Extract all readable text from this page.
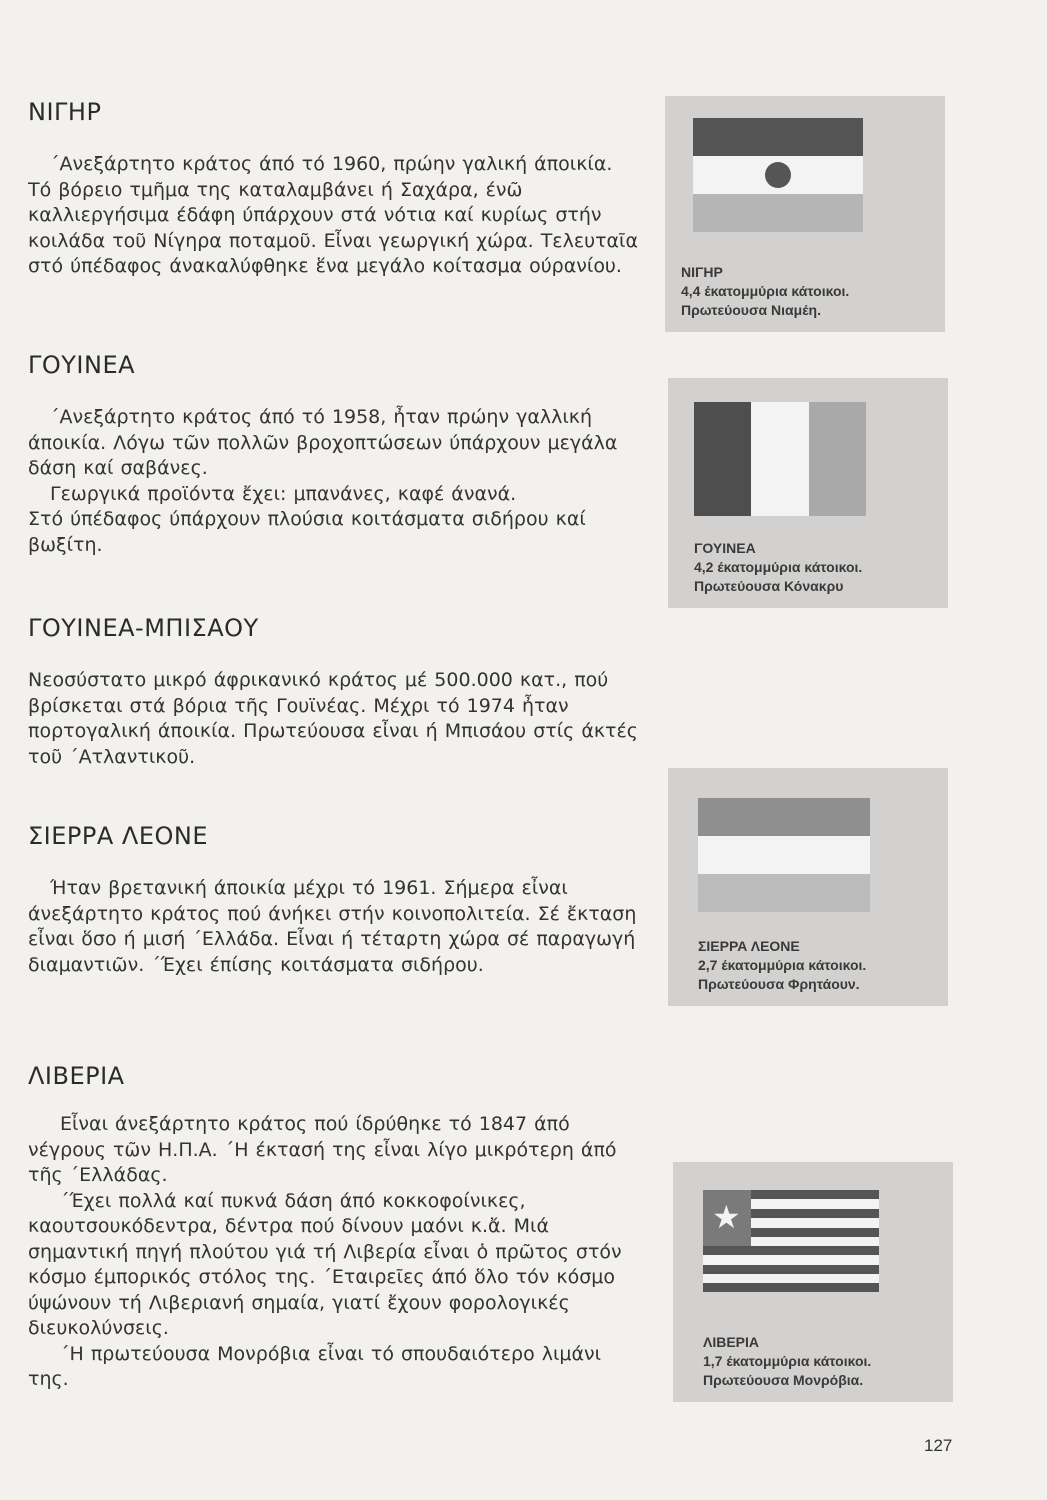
ΝΙΓΗΡ

΄Ανεξάρτητο κράτος άπό τό 1960, πρώην γαλική άποικία. Τό βόρειο τμῆμα της καταλαμβάνει ή Σαχάρα, ένῶ καλλιεργήσιμα έδάφη ύπάρχουν στά νότια καί κυρίως στήν κοιλάδα τοῦ Νίγηρα ποταμοῦ. Εἶναι γεωργική χώρα. Τελευταῖα στό ύπέδαφος άνακαλύφθηκε ἕνα μεγάλο κοίτασμα ούρανίου.

ΓΟΥΙΝΕΑ

΄Ανεξάρτητο κράτος άπό τό 1958, ἦταν πρώην γαλλική άποικία. Λόγω τῶν πολλῶν βροχοπτώσεων ύπάρχουν μεγάλα δάση καί σαβάνες.

Γεωργικά προϊόντα ἔχει: μπανάνες, καφέ άνανά.

Στό ύπέδαφος ύπάρχουν πλούσια κοιτάσματα σιδήρου καί βωξίτη.

ΓΟΥΙΝΕΑ-ΜΠΙΣΑΟΥ

Νεοσύστατο μικρό άφρικανικό κράτος μέ 500.000 κατ., πού βρίσκεται στά βόρια τῆς Γουϊνέας. Μέχρι τό 1974 ἦταν πορτογαλική άποικία. Πρωτεύουσα εἶναι ή Μπισάου στίς άκτές τοῦ ΄Ατλαντικοῦ.

ΣΙΕΡΡΑ ΛΕΟΝΕ

Ήταν βρετανική άποικία μέχρι τό 1961. Σήμερα εἶναι άνεξάρτητο κράτος πού άνήκει στήν κοινοπολιτεία. Σέ ἔκταση εἶναι ὅσο ή μισή ΄Ελλάδα. Εἶναι ή τέταρτη χώρα σέ παραγωγή διαμαντιῶν. ΄Έχει έπίσης κοιτάσματα σιδήρου.

ΛΙΒΕΡΙΑ

Εἶναι άνεξάρτητο κράτος πού ίδρύθηκε τό 1847 άπό νέγρους τῶν Η.Π.Α. ΄Η έκτασή της εἶναι λίγο μικρότερη άπό τῆς ΄Ελλάδας.

΄Έχει πολλά καί πυκνά δάση άπό κοκκοφοίνικες, καουτσουκόδεντρα, δέντρα πού δίνουν μαόνι κ.ἄ. Μιά σημαντική πηγή πλούτου γιά τή Λιβερία εἶναι ὁ πρῶτος στόν κόσμο έμπορικός στόλος της. ΄Εταιρεῖες άπό ὅλο τόν κόσμο ύψώνουν τή Λιβεριανή σημαία, γιατί ἔχουν φορολογικές διευκολύνσεις.

΄Η πρωτεύουσα Μονρόβια εἶναι τό σπουδαιότερο λιμάνι της.

ΝΙΓΗΡ
4,4 έκατομμύρια κάτοικοι.
Πρωτεύουσα Νιαμέη.
ΓΟΥΙΝΕΑ
4,2 έκατομμύρια κάτοικοι.
Πρωτεύουσα Κόνακρυ
ΣΙΕΡΡΑ ΛΕΟΝΕ
2,7 έκατομμύρια κάτοικοι.
Πρωτεύουσα Φρητάουν.
★
ΛΙΒΕΡΙΑ
1,7 έκατομμύρια κάτοικοι.
Πρωτεύουσα Μονρόβια.
127
